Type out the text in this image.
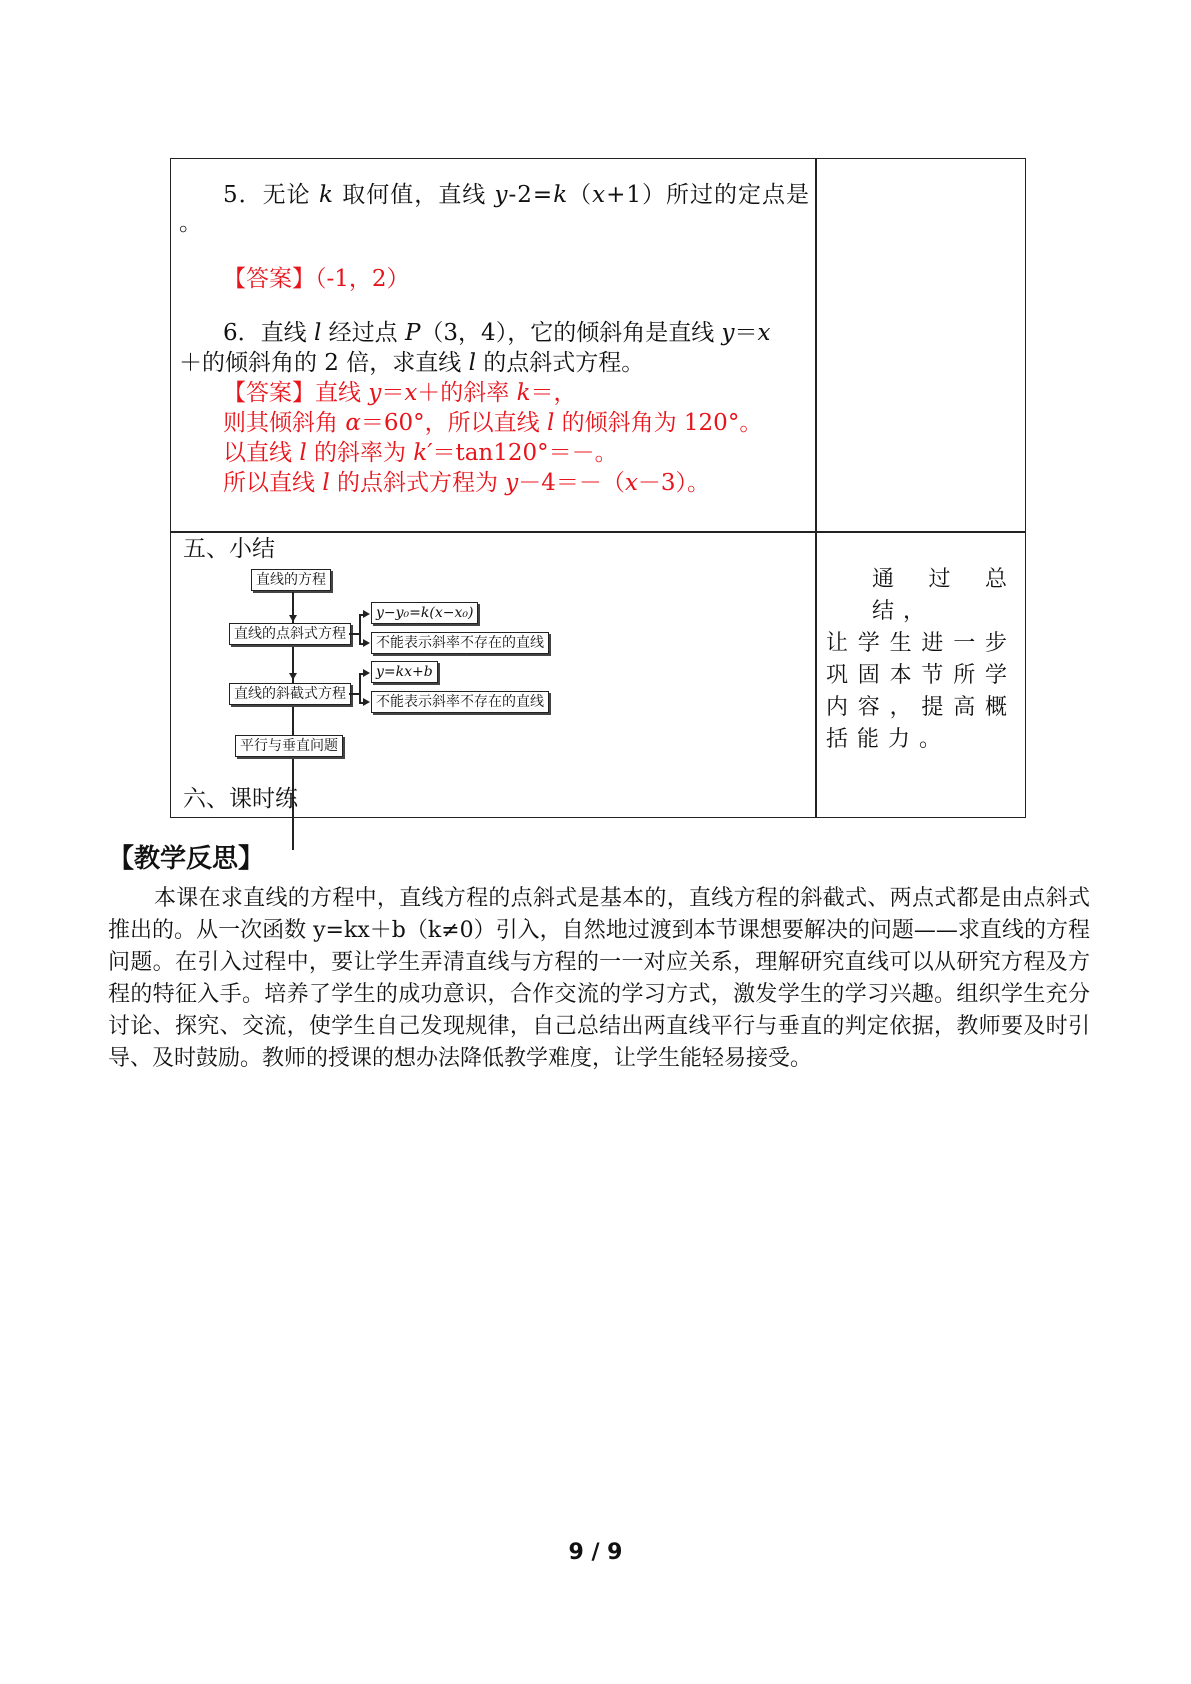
5．无论 k 取何值，直线 y-2=k（x+1）所过的定点是
。
【答案】（-1，2）
6．直线 l 经过点 P（3，4），它的倾斜角是直线 y＝x
＋的倾斜角的 2 倍，求直线 l 的点斜式方程。
【答案】直线 y＝x＋的斜率 k＝，
则其倾斜角 α＝60°，所以直线 l 的倾斜角为 120°。
以直线 l 的斜率为 k′＝tan120°＝－。
所以直线 l 的点斜式方程为 y－4＝－（x－3）。
五、小结
直线的方程
直线的点斜式方程
y−y₀=k(x−x₀)
不能表示斜率不存在的直线
直线的斜截式方程
y=kx+b
不能表示斜率不存在的直线
平行与垂直问题
通过总结，
让学生进一步巩固本节所学内容，提高概括能力。
六、课时练
【教学反思】
本课在求直线的方程中，直线方程的点斜式是基本的，直线方程的斜截式、两点式都是由点斜式推出的。从一次函数 y=kx＋b（k≠0）引入，自然地过渡到本节课想要解决的问题——求直线的方程问题。在引入过程中，要让学生弄清直线与方程的一一对应关系，理解研究直线可以从研究方程及方程的特征入手。培养了学生的成功意识，合作交流的学习方式，激发学生的学习兴趣。组织学生充分讨论、探究、交流，使学生自己发现规律，自己总结出两直线平行与垂直的判定依据，教师要及时引导、及时鼓励。教师的授课的想办法降低教学难度，让学生能轻易接受。
9 / 9
